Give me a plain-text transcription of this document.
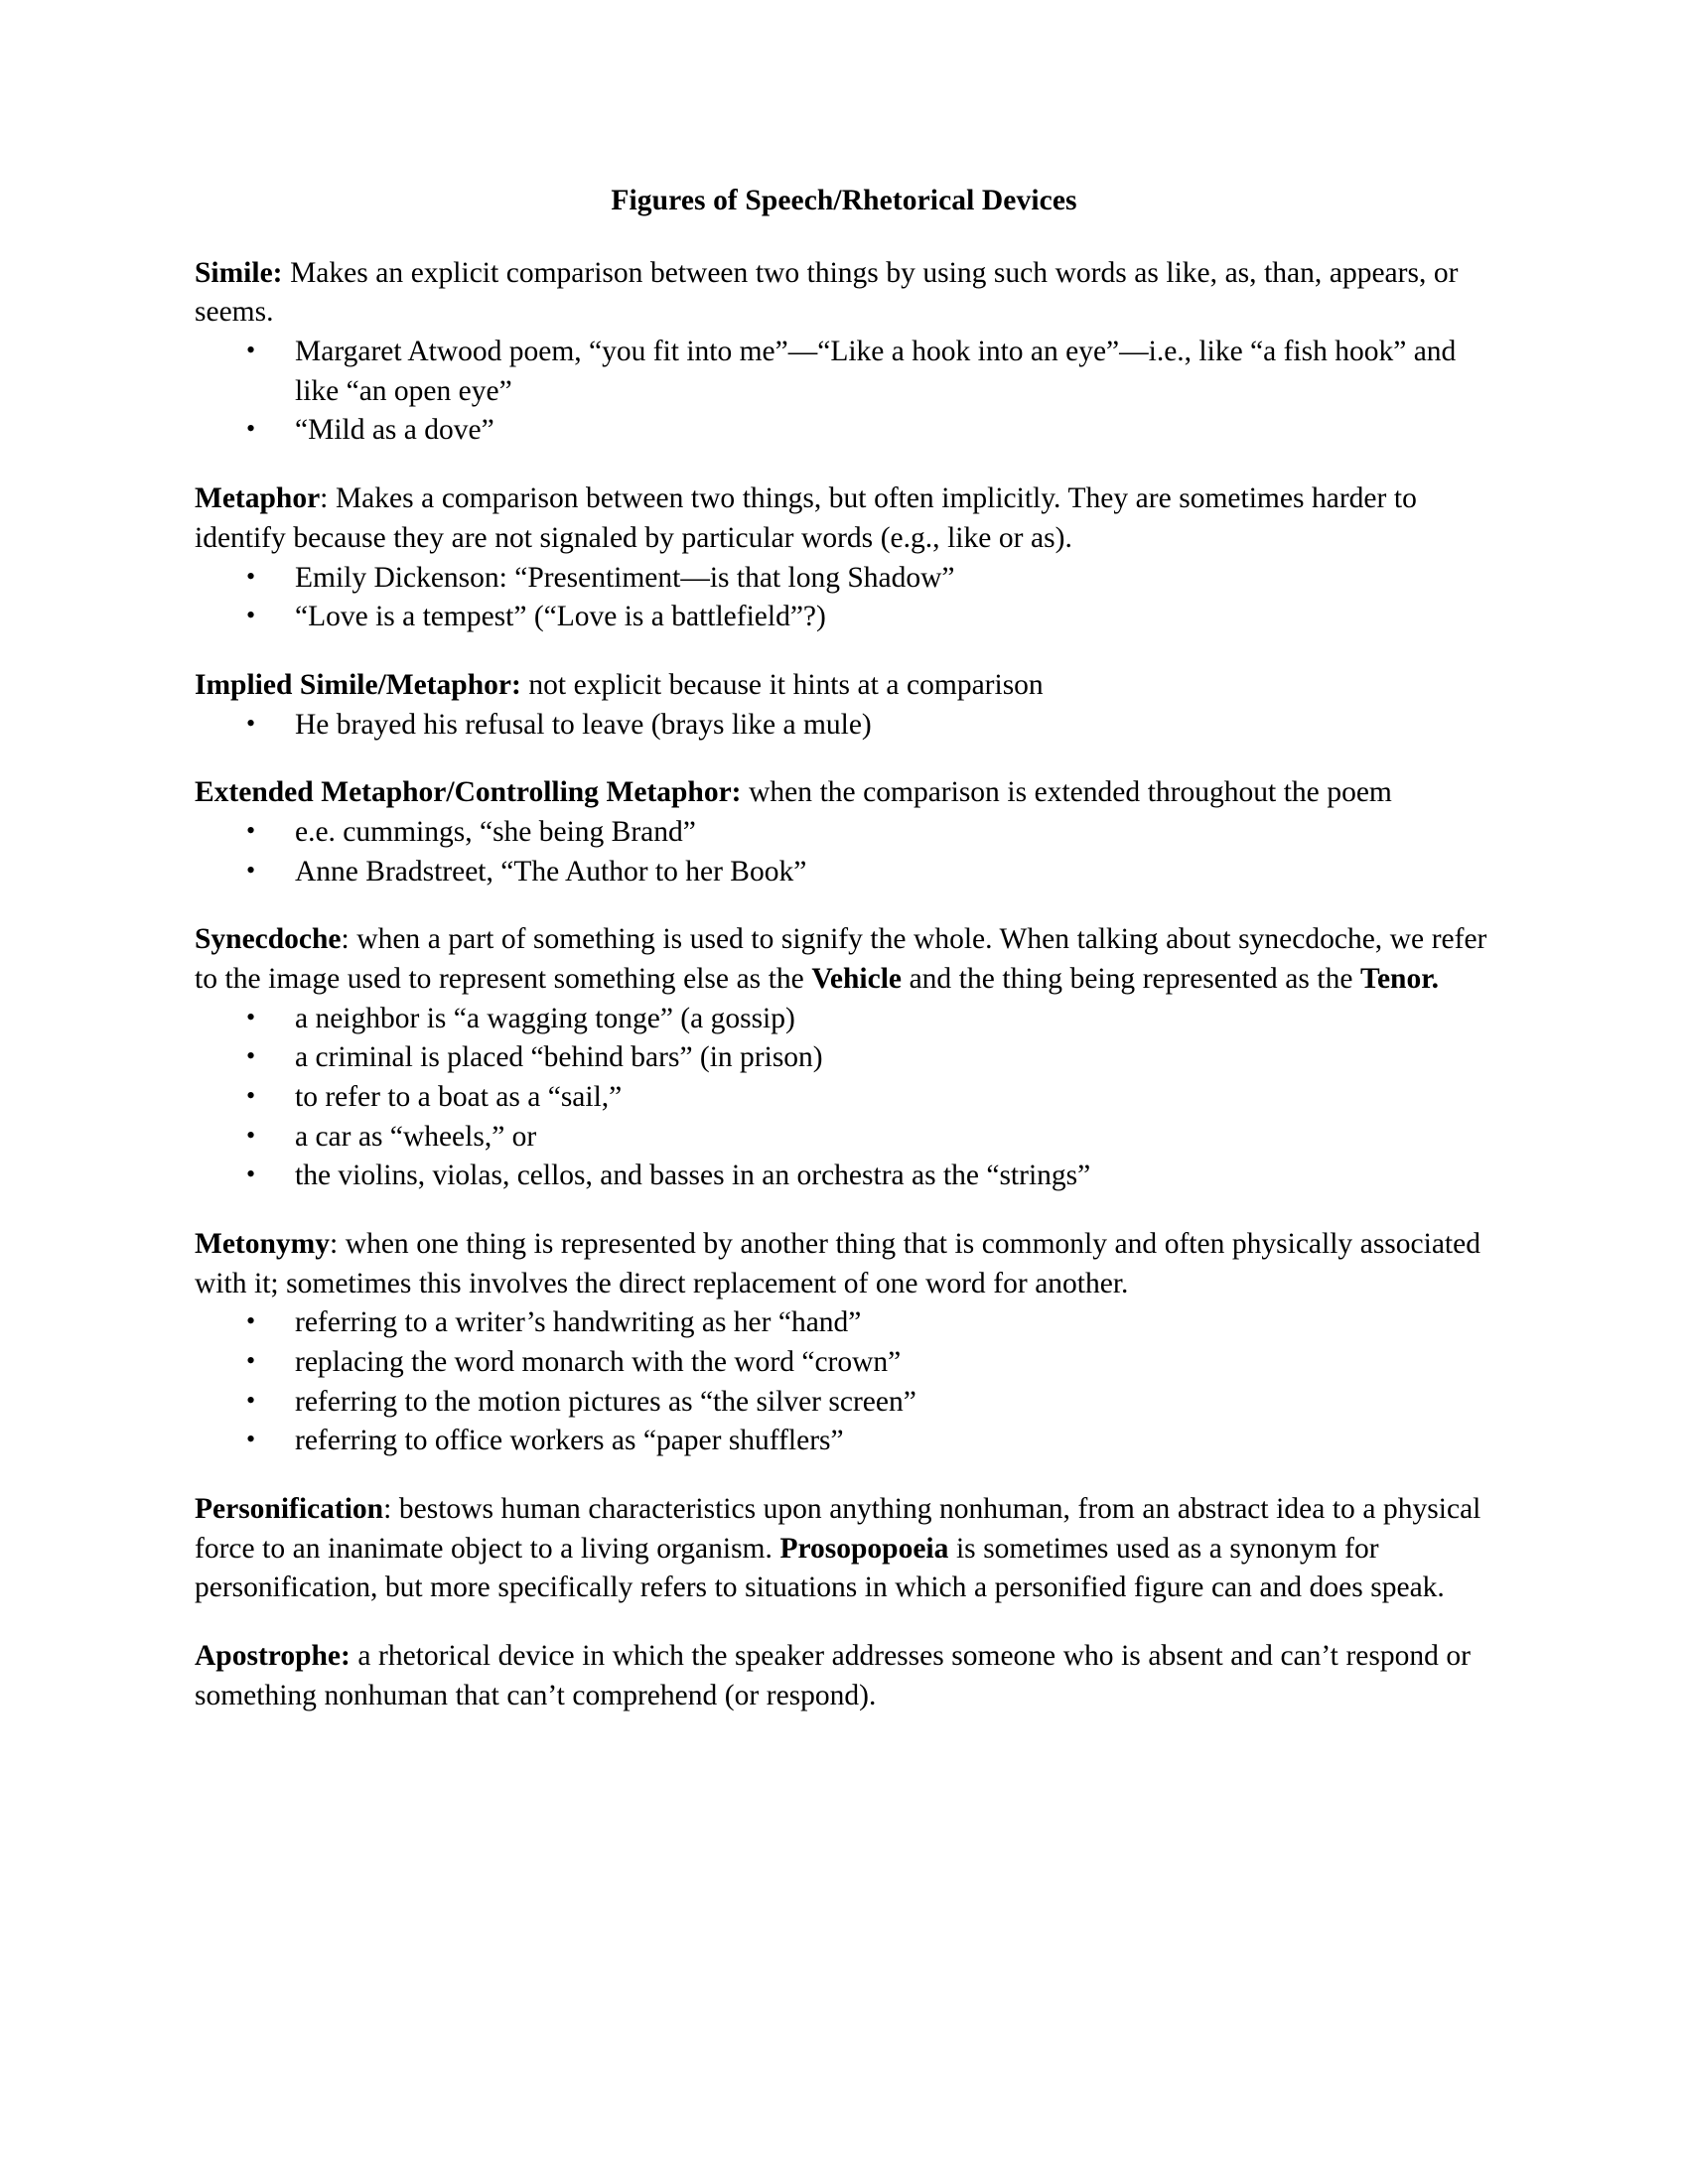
Figures of Speech/Rhetorical Devices

Simile: Makes an explicit comparison between two things by using such words as like, as, than, appears, or seems.

• Margaret Atwood poem, “you fit into me”—“Like a hook into an eye”—i.e., like “a fish hook” and like “an open eye”
• “Mild as a dove”

Metaphor: Makes a comparison between two things, but often implicitly. They are sometimes harder to identify because they are not signaled by particular words (e.g., like or as).

• Emily Dickenson: “Presentiment—is that long Shadow”
• “Love is a tempest” (“Love is a battlefield”?)

Implied Simile/Metaphor: not explicit because it hints at a comparison

• He brayed his refusal to leave (brays like a mule)

Extended Metaphor/Controlling Metaphor: when the comparison is extended throughout the poem

• e.e. cummings, “she being Brand”
• Anne Bradstreet, “The Author to her Book”

Synecdoche: when a part of something is used to signify the whole. When talking about synecdoche, we refer to the image used to represent something else as the Vehicle and the thing being represented as the Tenor.

• a neighbor is “a wagging tonge” (a gossip)
• a criminal is placed “behind bars” (in prison)
• to refer to a boat as a “sail,”
• a car as “wheels,” or
• the violins, violas, cellos, and basses in an orchestra as the “strings”

Metonymy: when one thing is represented by another thing that is commonly and often physically associated with it; sometimes this involves the direct replacement of one word for another.

• referring to a writer’s handwriting as her “hand”
• replacing the word monarch with the word “crown”
• referring to the motion pictures as “the silver screen”
• referring to office workers as “paper shufflers”

Personification: bestows human characteristics upon anything nonhuman, from an abstract idea to a physical force to an inanimate object to a living organism. Prosopopoeia is sometimes used as a synonym for personification, but more specifically refers to situations in which a personified figure can and does speak.

Apostrophe: a rhetorical device in which the speaker addresses someone who is absent and can’t respond or something nonhuman that can’t comprehend (or respond).
